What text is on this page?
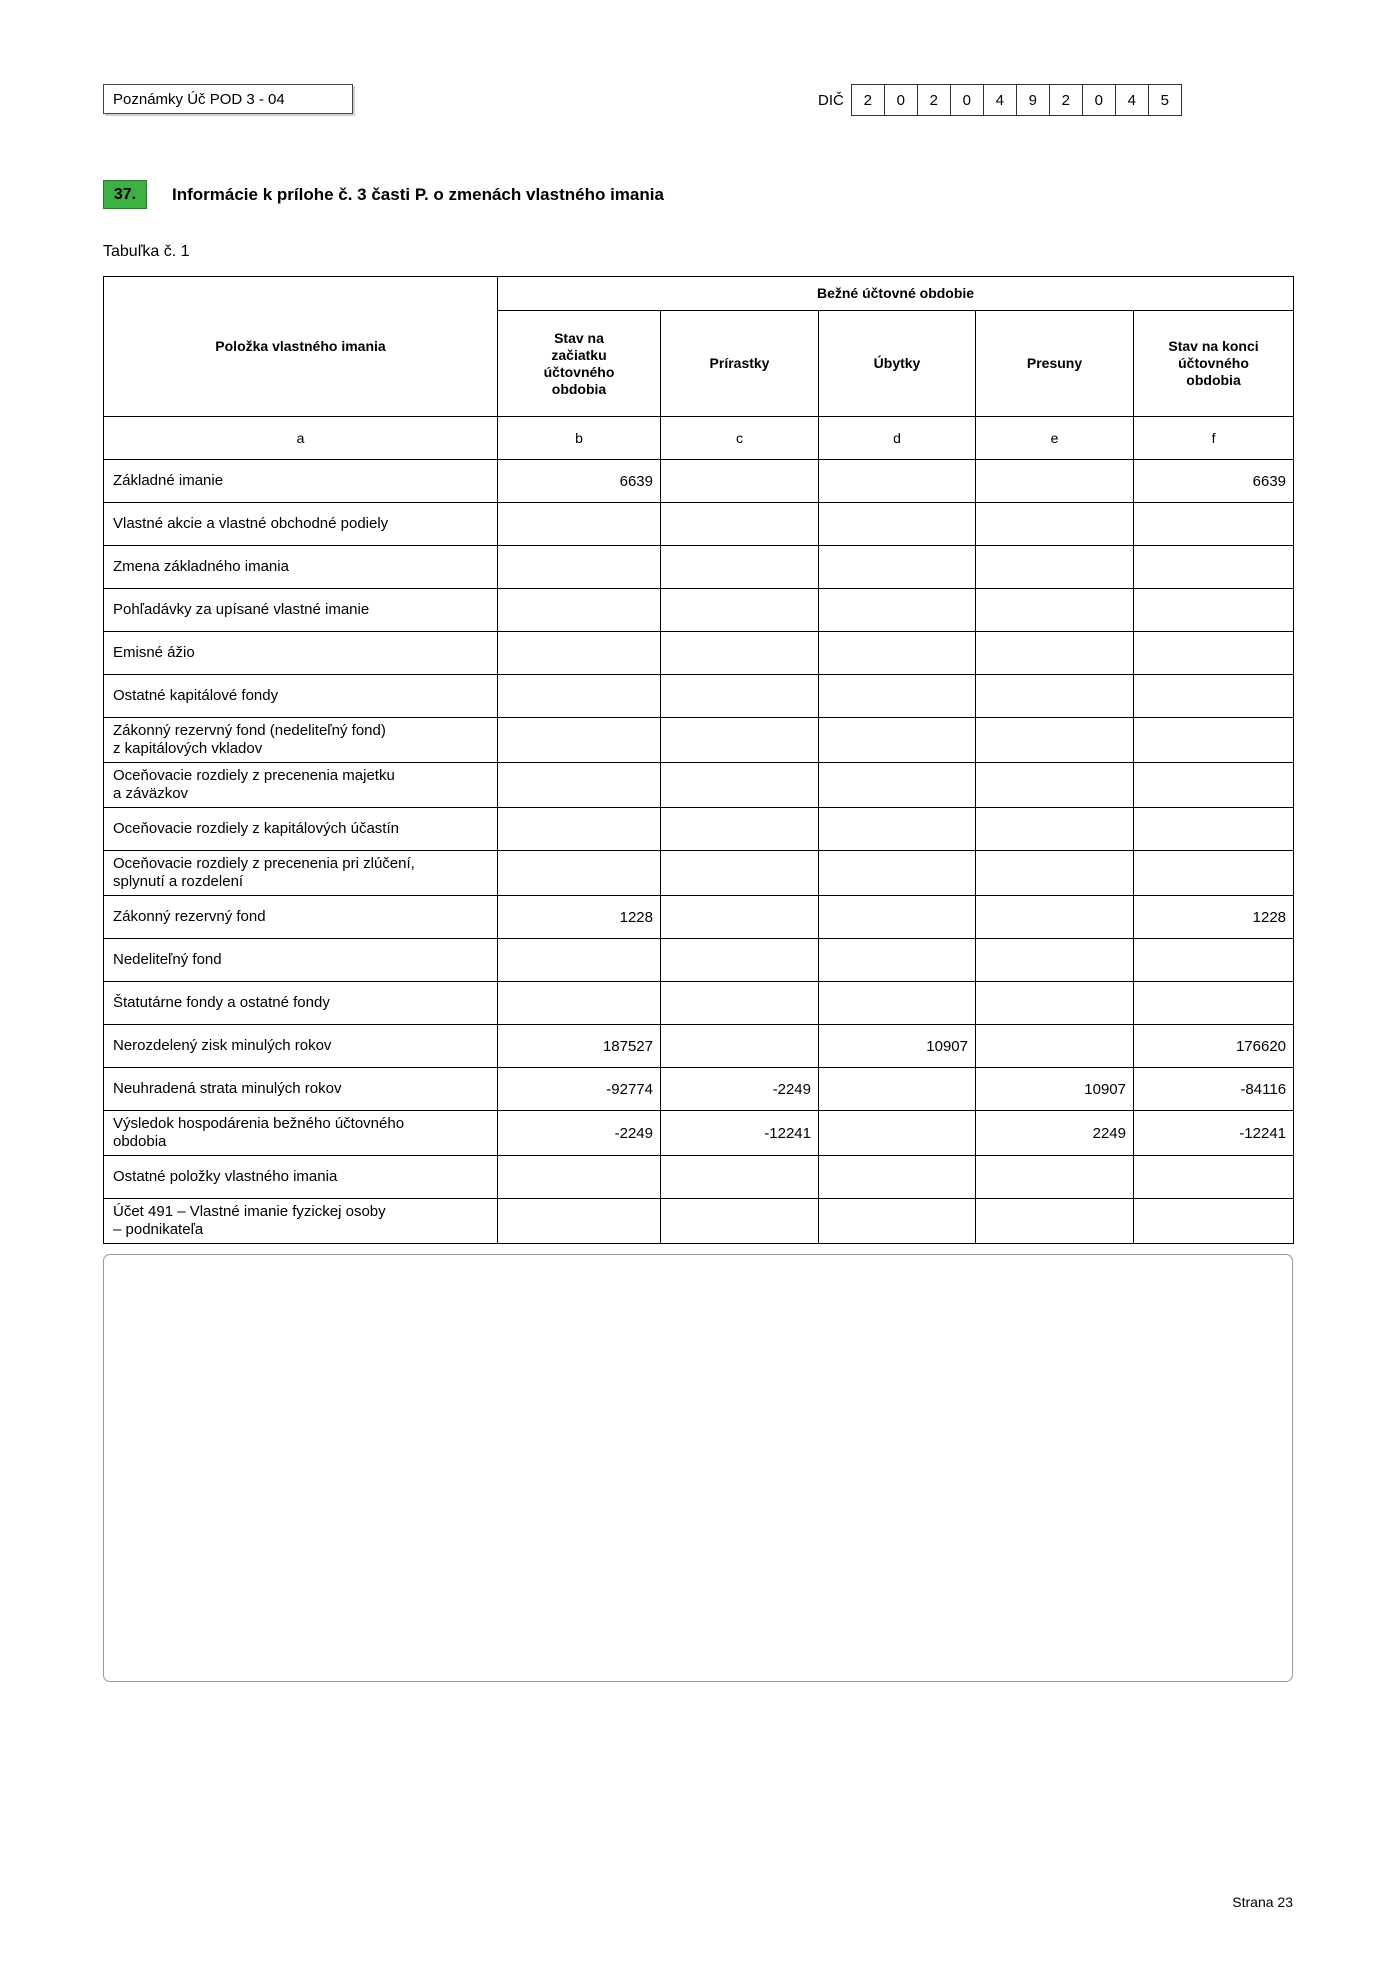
Poznámky Úč POD 3 - 04	DIČ	2	0	2	0	4	9	2	0	4	5
37.	Informácie k prílohe č. 3 časti P. o zmenách vlastného imania
Tabuľka č. 1
Položka vlastného imania	Bežné účtovné obdobie				
	Stav na
začiatku
účtovného
obdobia	Prírastky	Úbytky	Presuny	Stav na konci
účtovného
obdobia
a	b	c	d	e	f
Základné imanie	6639				6639
Vlastné akcie a vlastné obchodné podiely					
Zmena základného imania					
Pohľadávky za upísané vlastné imanie					
Emisné ážio					
Ostatné kapitálové fondy					
Zákonný rezervný fond (nedeliteľný fond)
z kapitálových vkladov					
Oceňovacie rozdiely z precenenia majetku
a záväzkov					
Oceňovacie rozdiely z kapitálových účastín					
Oceňovacie rozdiely z precenenia pri zlúčení,
splynutí a rozdelení					
Zákonný rezervný fond	1228				1228
Nedeliteľný fond					
Štatutárne fondy a ostatné fondy					
Nerozdelený zisk minulých rokov	187527		10907		176620
Neuhradená strata minulých rokov	-92774	-2249		10907	-84116
Výsledok hospodárenia bežného účtovného
obdobia	-2249	-12241		2249	-12241
Ostatné položky vlastného imania					
Účet 491 – Vlastné imanie fyzickej osoby
– podnikateľa					
Strana 23
